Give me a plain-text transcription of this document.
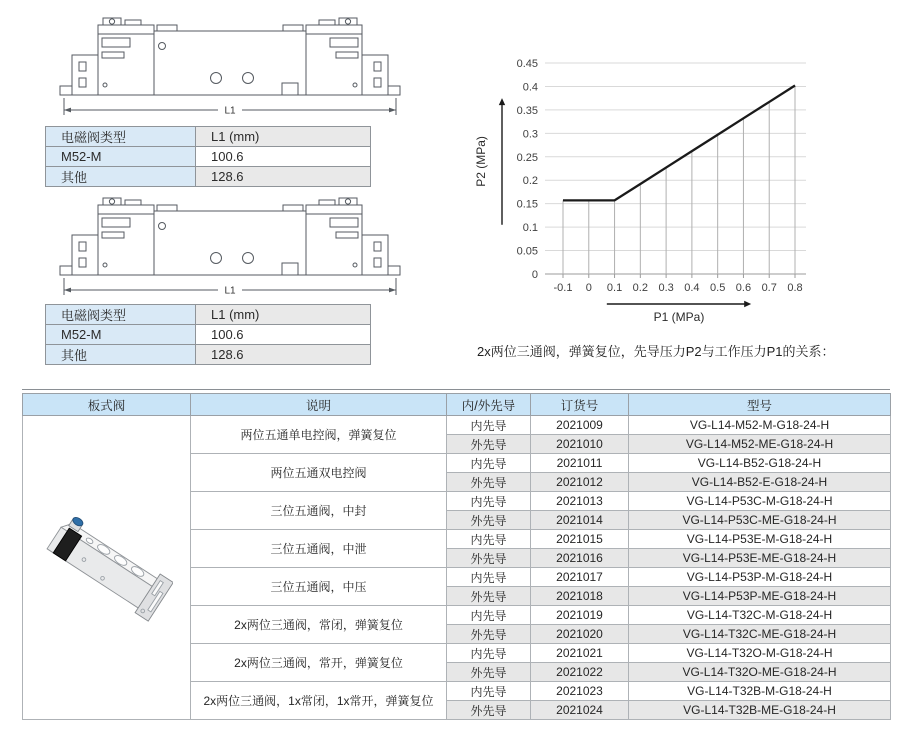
L1
电磁阀类型	L1 (mm)
M52-M	100.6
其他	128.6
L1
电磁阀类型	L1 (mm)
M52-M	100.6
其他	128.6
0
0.05
0.1
0.15
0.2
0.25
0.3
0.35
0.4
0.45
-0.1 0 0.1 0.2 0.3 0.4 0.5 0.6 0.7 0.8
P2 (MPa)
P1 (MPa)
2x两位三通阀，弹簧复位，先导压力P2与工作压力P1的关系：
板式阀	说明	内/外先导	订货号	型号

	两位五通单电控阀，弹簧复位	内先导	2021009	VG-L14-M52-M-G18-24-H
		外先导	2021010	VG-L14-M52-ME-G18-24-H
	两位五通双电控阀	内先导	2021011	VG-L14-B52-G18-24-H
		外先导	2021012	VG-L14-B52-E-G18-24-H
	三位五通阀，中封	内先导	2021013	VG-L14-P53C-M-G18-24-H
		外先导	2021014	VG-L14-P53C-ME-G18-24-H
	三位五通阀，中泄	内先导	2021015	VG-L14-P53E-M-G18-24-H
		外先导	2021016	VG-L14-P53E-ME-G18-24-H
	三位五通阀，中压	内先导	2021017	VG-L14-P53P-M-G18-24-H
		外先导	2021018	VG-L14-P53P-ME-G18-24-H
	2x两位三通阀，常闭，弹簧复位	内先导	2021019	VG-L14-T32C-M-G18-24-H
		外先导	2021020	VG-L14-T32C-ME-G18-24-H
	2x两位三通阀，常开，弹簧复位	内先导	2021021	VG-L14-T32O-M-G18-24-H
		外先导	2021022	VG-L14-T32O-ME-G18-24-H
	2x两位三通阀，1x常闭，1x常开，弹簧复位	内先导	2021023	VG-L14-T32B-M-G18-24-H
		外先导	2021024	VG-L14-T32B-ME-G18-24-H
